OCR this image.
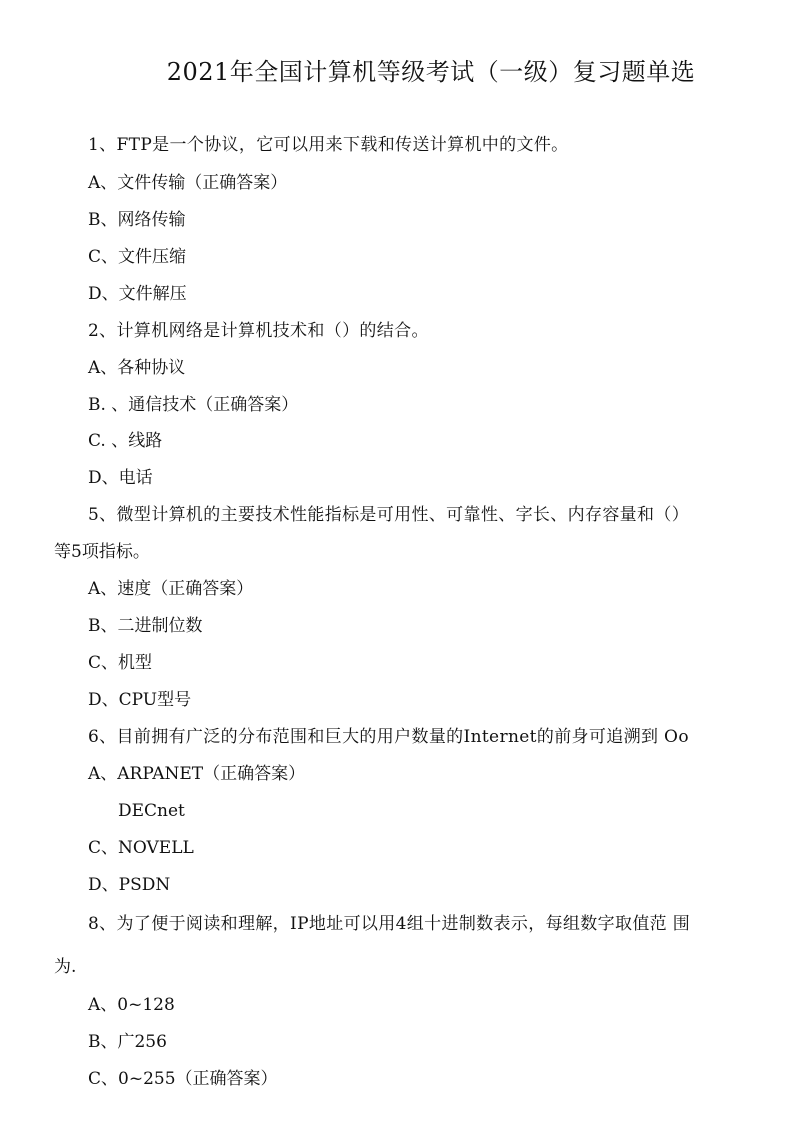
2021年全国计算机等级考试（一级）复习题单选
1、FTP是一个协议，它可以用来下载和传送计算机中的文件。
A、文件传输（正确答案）
B、网络传输
C、文件压缩
D、文件解压
2、计算机网络是计算机技术和（）的结合。
A、各种协议
B. 、通信技术（正确答案）
C. 、线路
D、电话
5、微型计算机的主要技术性能指标是可用性、可靠性、字长、内存容量和（）
等5项指标。
A、速度（正确答案）
B、二进制位数
C、机型
D、CPU型号
6、目前拥有广泛的分布范围和巨大的用户数量的Internet的前身可追溯到 Oo
A、ARPANET（正确答案）
DECnet
C、NOVELL
D、PSDN
8、为了便于阅读和理解，IP地址可以用4组十进制数表示，每组数字取值范 围
为.
A、0~128
B、广256
C、0~255（正确答案）
